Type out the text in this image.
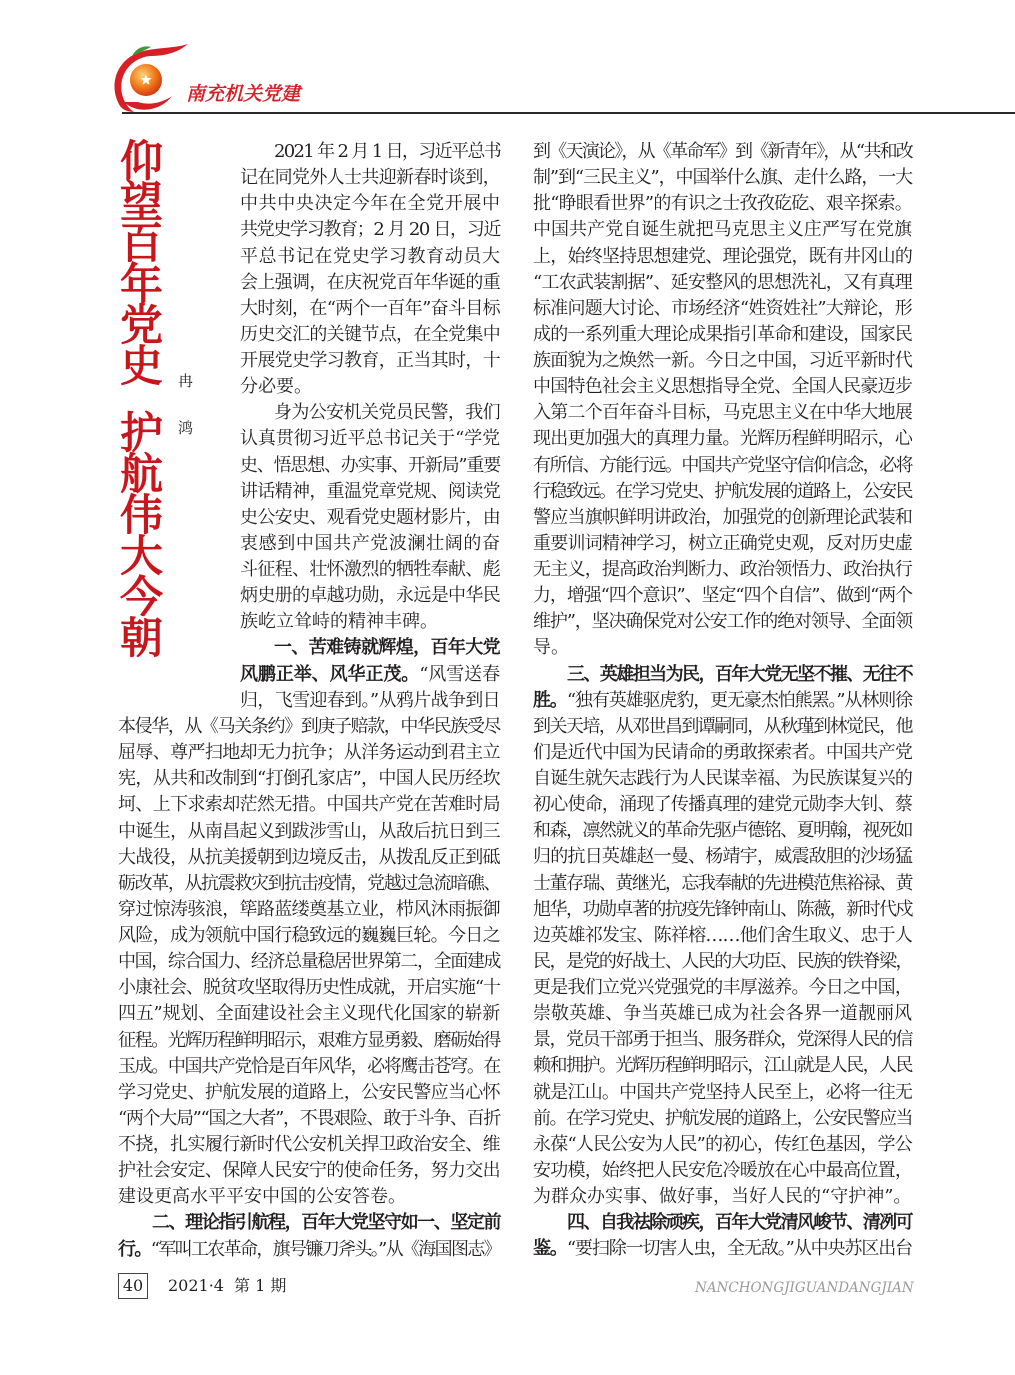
南充机关党建
仰望百年党史
护航伟大今朝
冉 鸿
2021 年 2 月 1 日，习近平总书
记在同党外人士共迎新春时谈到，
中共中央决定今年在全党开展中
共党史学习教育；2 月 20 日，习近
平总书记在党史学习教育动员大
会上强调，在庆祝党百年华诞的重
大时刻，在“两个一百年”奋斗目标
历史交汇的关键节点，在全党集中
开展党史学习教育，正当其时，十
分必要。
身为公安机关党员民警，我们
认真贯彻习近平总书记关于“学党
史、悟思想、办实事、开新局”重要
讲话精神，重温党章党规、阅读党
史公安史、观看党史题材影片，由
衷感到中国共产党波澜壮阔的奋
斗征程、壮怀激烈的牺牲奉献、彪
炳史册的卓越功勋，永远是中华民
族屹立耸峙的精神丰碑。
一、苦难铸就辉煌，百年大党
风鹏正举、风华正茂。“风雪送春
归，飞雪迎春到。”从鸦片战争到日
本侵华，从《马关条约》到庚子赔款，中华民族受尽
屈辱、尊严扫地却无力抗争；从洋务运动到君主立
宪，从共和改制到“打倒孔家店”，中国人民历经坎
坷、上下求索却茫然无措。中国共产党在苦难时局
中诞生，从南昌起义到跋涉雪山，从敌后抗日到三
大战役，从抗美援朝到边境反击，从拨乱反正到砥
砺改革，从抗震救灾到抗击疫情，党越过急流暗礁、
穿过惊涛骇浪，筚路蓝缕奠基立业，栉风沐雨振御
风险，成为领航中国行稳致远的巍巍巨轮。今日之
中国，综合国力、经济总量稳居世界第二，全面建成
小康社会、脱贫攻坚取得历史性成就，开启实施“十
四五”规划、全面建设社会主义现代化国家的崭新
征程。光辉历程鲜明昭示，艰难方显勇毅、磨砺始得
玉成。中国共产党恰是百年风华，必将鹰击苍穹。在
学习党史、护航发展的道路上，公安民警应当心怀
“两个大局”“国之大者”，不畏艰险、敢于斗争、百折
不挠，扎实履行新时代公安机关捍卫政治安全、维
护社会安定、保障人民安宁的使命任务，努力交出
建设更高水平平安中国的公安答卷。
二、理论指引航程，百年大党坚守如一、坚定前
行。“军叫工农革命，旗号镰刀斧头。”从《海国图志》
到《天演论》，从《革命军》到《新青年》，从“共和改
制”到“三民主义”，中国举什么旗、走什么路，一大
批“睁眼看世界”的有识之士孜孜矻矻、艰辛探索。
中国共产党自诞生就把马克思主义庄严写在党旗
上，始终坚持思想建党、理论强党，既有井冈山的
“工农武装割据”、延安整风的思想洗礼，又有真理
标准问题大讨论、市场经济“姓资姓社”大辩论，形
成的一系列重大理论成果指引革命和建设，国家民
族面貌为之焕然一新。今日之中国，习近平新时代
中国特色社会主义思想指导全党、全国人民豪迈步
入第二个百年奋斗目标，马克思主义在中华大地展
现出更加强大的真理力量。光辉历程鲜明昭示，心
有所信、方能行远。中国共产党坚守信仰信念，必将
行稳致远。在学习党史、护航发展的道路上，公安民
警应当旗帜鲜明讲政治，加强党的创新理论武装和
重要训词精神学习，树立正确党史观，反对历史虚
无主义，提高政治判断力、政治领悟力、政治执行
力，增强“四个意识”、坚定“四个自信”、做到“两个
维护”，坚决确保党对公安工作的绝对领导、全面领
导。
三、英雄担当为民，百年大党无坚不摧、无往不
胜。“独有英雄驱虎豹，更无豪杰怕熊罴。”从林则徐
到关天培，从邓世昌到谭嗣同，从秋瑾到林觉民，他
们是近代中国为民请命的勇敢探索者。中国共产党
自诞生就矢志践行为人民谋幸福、为民族谋复兴的
初心使命，涌现了传播真理的建党元勋李大钊、蔡
和森，凛然就义的革命先驱卢德铭、夏明翰，视死如
归的抗日英雄赵一曼、杨靖宇，威震敌胆的沙场猛
士董存瑞、黄继光，忘我奉献的先进模范焦裕禄、黄
旭华，功勋卓著的抗疫先锋钟南山、陈薇，新时代戍
边英雄祁发宝、陈祥榕……他们舍生取义、忠于人
民，是党的好战士、人民的大功臣、民族的铁脊梁，
更是我们立党兴党强党的丰厚滋养。今日之中国，
崇敬英雄、争当英雄已成为社会各界一道靓丽风
景，党员干部勇于担当、服务群众，党深得人民的信
赖和拥护。光辉历程鲜明昭示，江山就是人民，人民
就是江山。中国共产党坚持人民至上，必将一往无
前。在学习党史、护航发展的道路上，公安民警应当
永葆“人民公安为人民”的初心，传红色基因，学公
安功模，始终把人民安危冷暖放在心中最高位置，
为群众办实事、做好事，当好人民的“守护神”。
四、自我祛除顽疾，百年大党清风峻节、清冽可
鉴。“要扫除一切害人虫，全无敌。”从中央苏区出台
40	2021·4 第 1 期	NANCHONGJIGUANDANGJIAN
